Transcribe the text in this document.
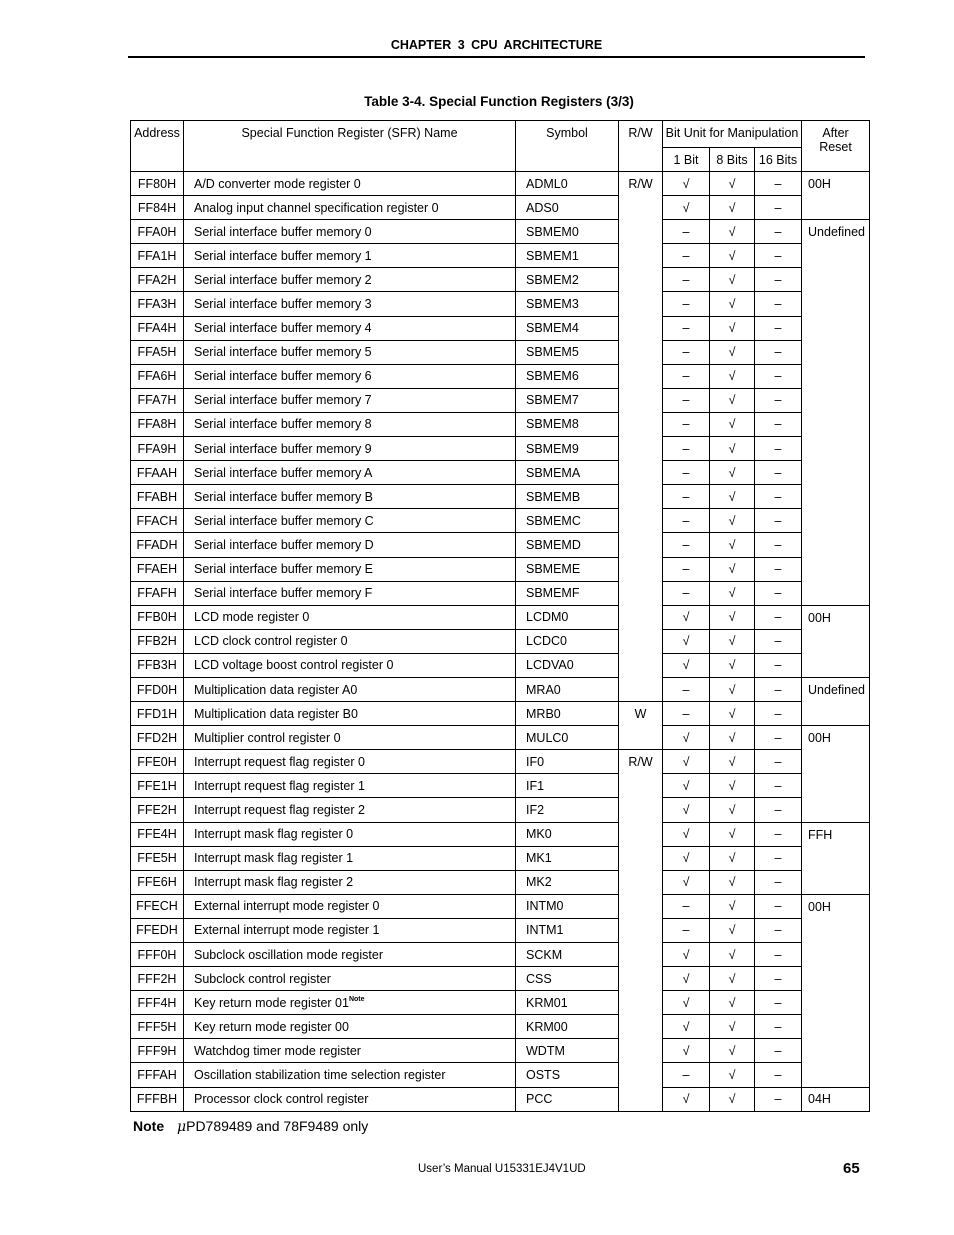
CHAPTER 3 CPU ARCHITECTURE
Table 3-4. Special Function Registers (3/3)
Address	Special Function Register (SFR) Name	Symbol	R/W	Bit Unit for Manipulation			After Reset
				1 Bit	8 Bits	16 Bits	
FF80H	A/D converter mode register 0	ADML0	R/W	√	√	–	00H
FF84H	Analog input channel specification register 0	ADS0		√	√	–	
FFA0H	Serial interface buffer memory 0	SBMEM0		–	√	–	Undefined
FFA1H	Serial interface buffer memory 1	SBMEM1		–	√	–	
FFA2H	Serial interface buffer memory 2	SBMEM2		–	√	–	
FFA3H	Serial interface buffer memory 3	SBMEM3		–	√	–	
FFA4H	Serial interface buffer memory 4	SBMEM4		–	√	–	
FFA5H	Serial interface buffer memory 5	SBMEM5		–	√	–	
FFA6H	Serial interface buffer memory 6	SBMEM6		–	√	–	
FFA7H	Serial interface buffer memory 7	SBMEM7		–	√	–	
FFA8H	Serial interface buffer memory 8	SBMEM8		–	√	–	
FFA9H	Serial interface buffer memory 9	SBMEM9		–	√	–	
FFAAH	Serial interface buffer memory A	SBMEMA		–	√	–	
FFABH	Serial interface buffer memory B	SBMEMB		–	√	–	
FFACH	Serial interface buffer memory C	SBMEMC		–	√	–	
FFADH	Serial interface buffer memory D	SBMEMD		–	√	–	
FFAEH	Serial interface buffer memory E	SBMEME		–	√	–	
FFAFH	Serial interface buffer memory F	SBMEMF		–	√	–	
FFB0H	LCD mode register 0	LCDM0		√	√	–	00H
FFB2H	LCD clock control register 0	LCDC0		√	√	–	
FFB3H	LCD voltage boost control register 0	LCDVA0		√	√	–	
FFD0H	Multiplication data register A0	MRA0		–	√	–	Undefined
FFD1H	Multiplication data register B0	MRB0	W	–	√	–	
FFD2H	Multiplier control register 0	MULC0		√	√	–	00H
FFE0H	Interrupt request flag register 0	IF0	R/W	√	√	–	
FFE1H	Interrupt request flag register 1	IF1		√	√	–	
FFE2H	Interrupt request flag register 2	IF2		√	√	–	
FFE4H	Interrupt mask flag register 0	MK0		√	√	–	FFH
FFE5H	Interrupt mask flag register 1	MK1		√	√	–	
FFE6H	Interrupt mask flag register 2	MK2		√	√	–	
FFECH	External interrupt mode register 0	INTM0		–	√	–	00H
FFEDH	External interrupt mode register 1	INTM1		–	√	–	
FFF0H	Subclock oscillation mode register	SCKM		√	√	–	
FFF2H	Subclock control register	CSS		√	√	–	
FFF4H	Key return mode register $01^{Note}$	KRM01		√	√	–	
FFF5H	Key return mode register 00	KRM00		√	√	–	
FFF9H	Watchdog timer mode register	WDTM		√	√	–	
FFFAH	Oscillation stabilization time selection register	OSTS		–	√	–	
FFFBH	Processor clock control register	PCC		√	√	–	04H
Note μPD789489 and 78F9489 only
User’s Manual U15331EJ4V1UD	65
